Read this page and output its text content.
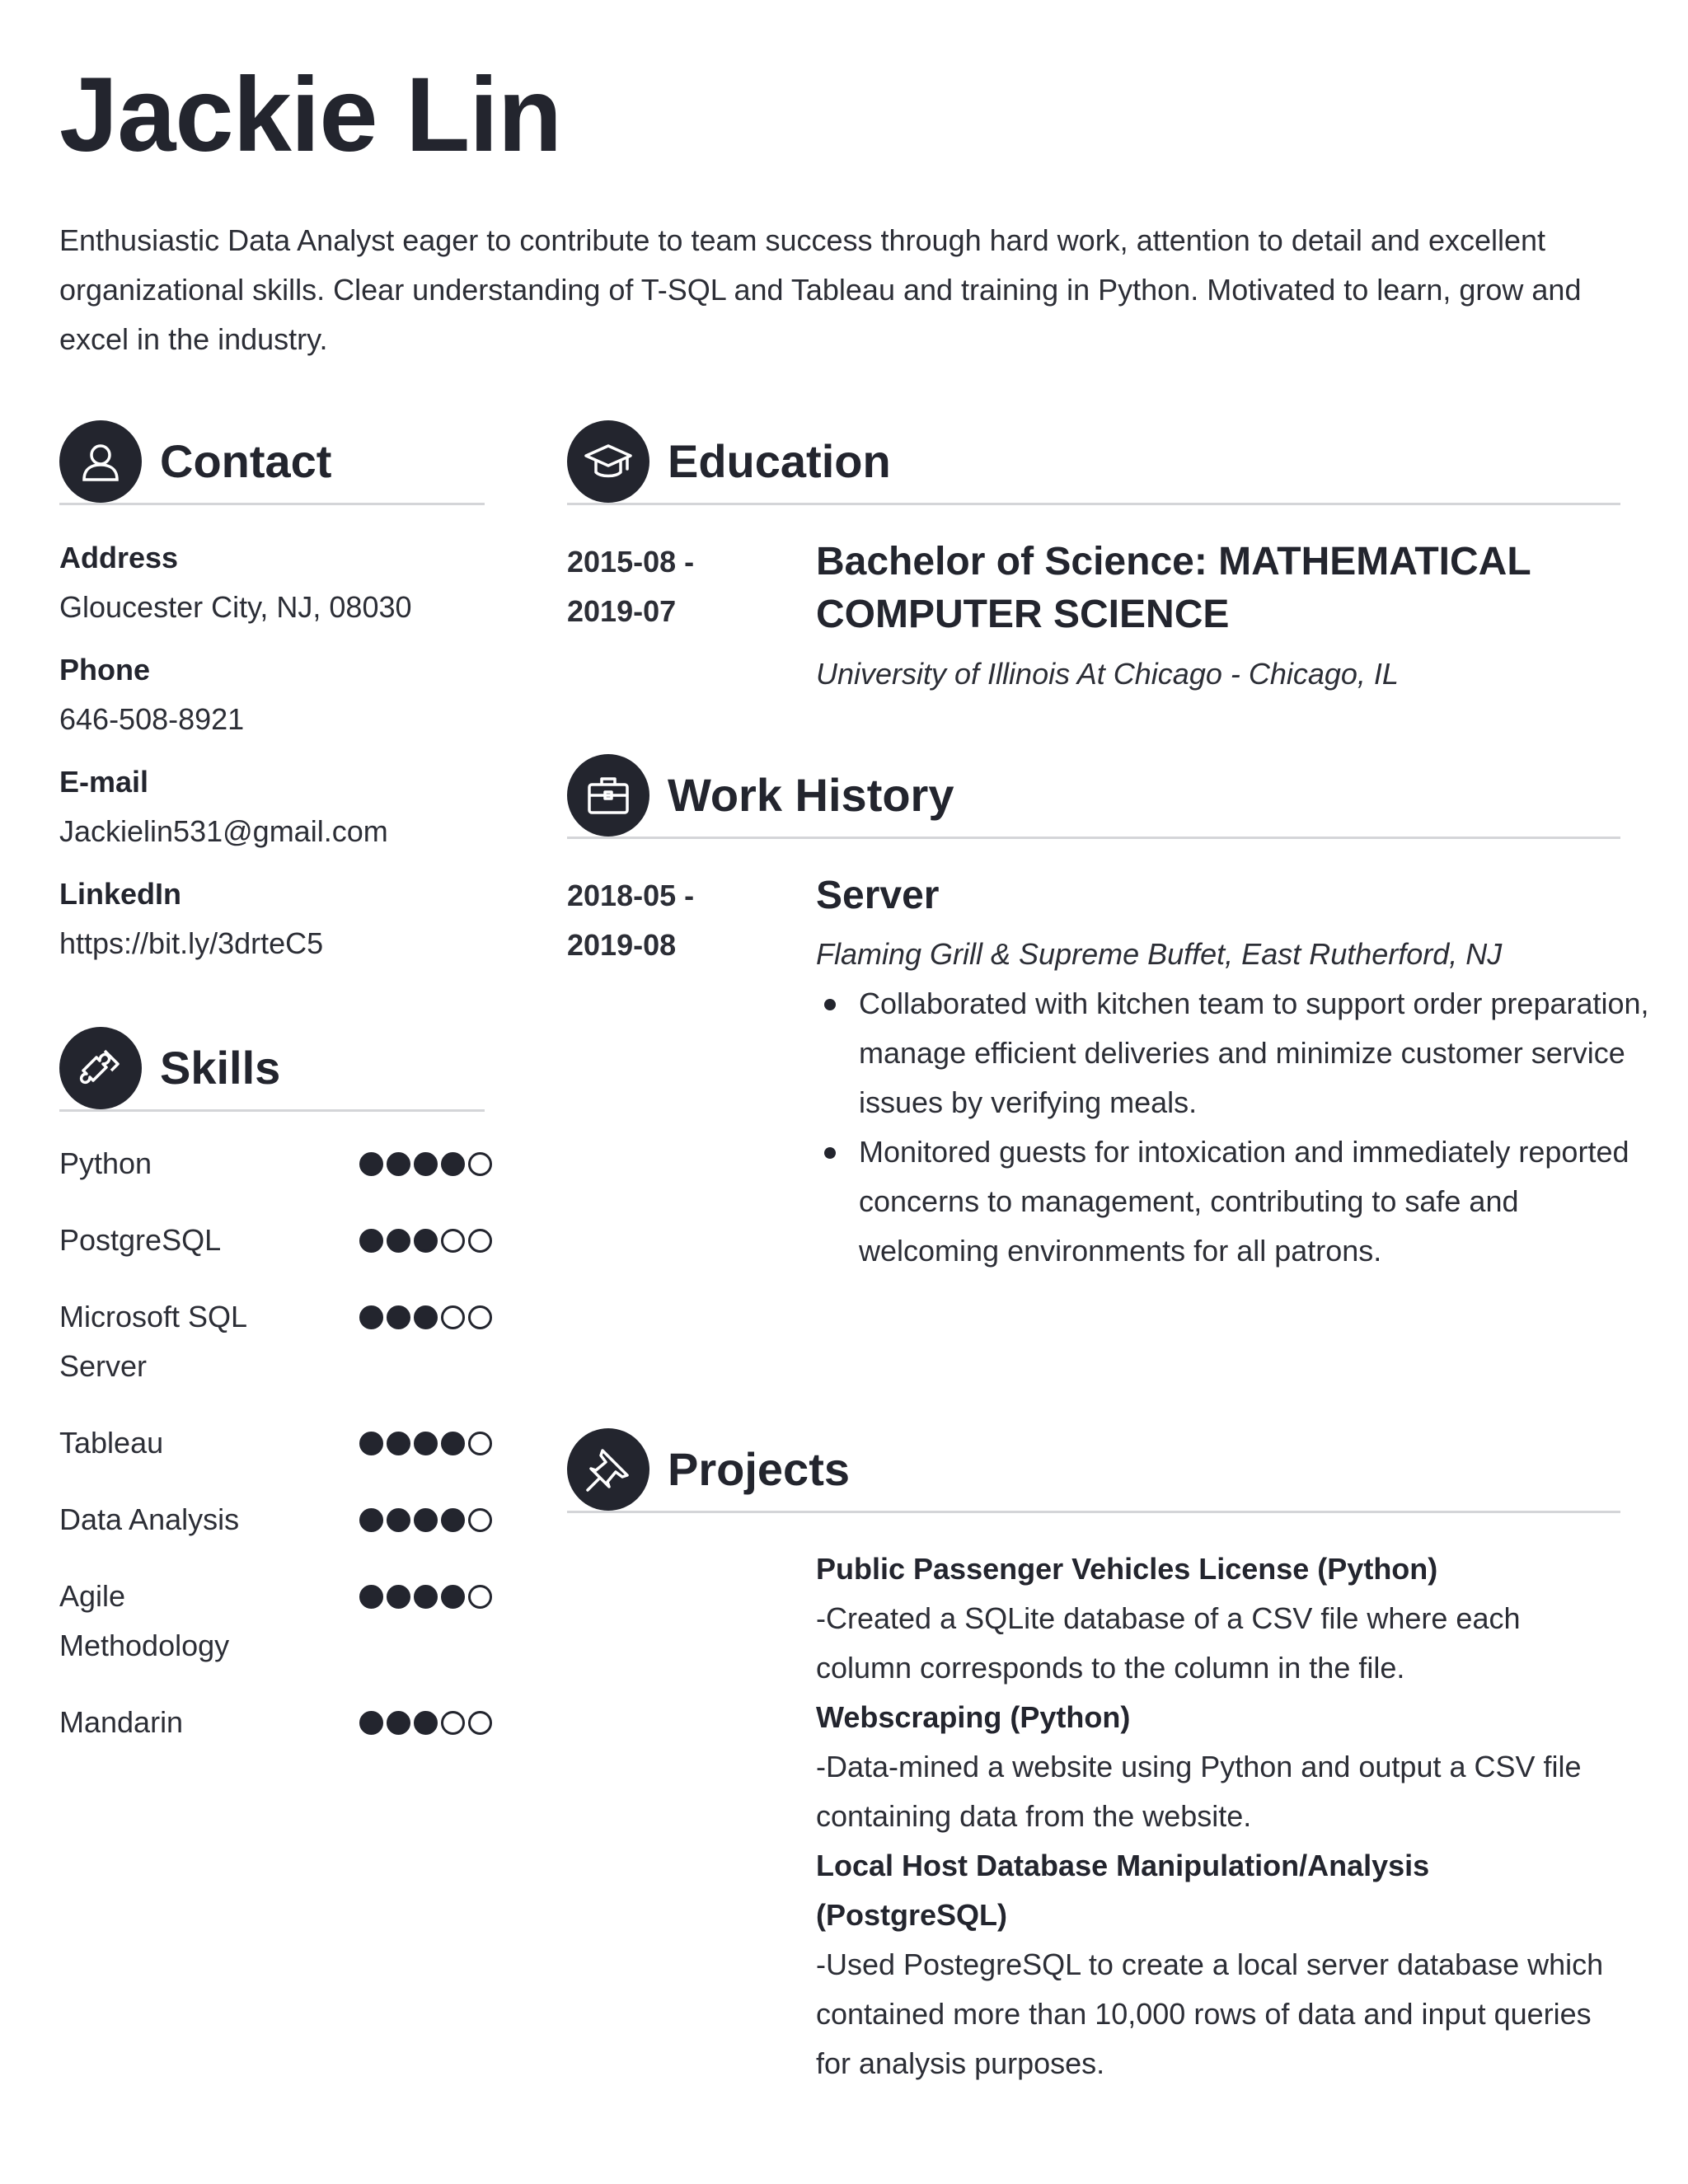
Jackie Lin
Enthusiastic Data Analyst eager to contribute to team success through hard work, attention to detail and excellent organizational skills. Clear understanding of T-SQL and Tableau and training in Python. Motivated to learn, grow and excel in the industry.
Contact
Address
Gloucester City, NJ, 08030
Phone
646-508-8921
E-mail
Jackielin531@gmail.com
LinkedIn
https://bit.ly/3drteC5
Skills
Python
PostgreSQL
Microsoft SQL Server
Tableau
Data Analysis
Agile Methodology
Mandarin
Education
2015-08 -
2019-07
Bachelor of Science: MATHEMATICAL COMPUTER SCIENCE
University of Illinois At Chicago - Chicago, IL
Work History
2018-05 -
2019-08
Server
Flaming Grill & Supreme Buffet, East Rutherford, NJ
Collaborated with kitchen team to support order preparation, manage efficient deliveries and minimize customer service issues by verifying meals.
Monitored guests for intoxication and immediately reported concerns to management, contributing to safe and welcoming environments for all patrons.
Projects
Public Passenger Vehicles License (Python)
-Created a SQLite database of a CSV file where each column corresponds to the column in the file.
Webscraping (Python)
-Data-mined a website using Python and output a CSV file containing data from the website.
Local Host Database Manipulation/Analysis (PostgreSQL)
-Used PostegreSQL to create a local server database which contained more than 10,000 rows of data and input queries for analysis purposes.
